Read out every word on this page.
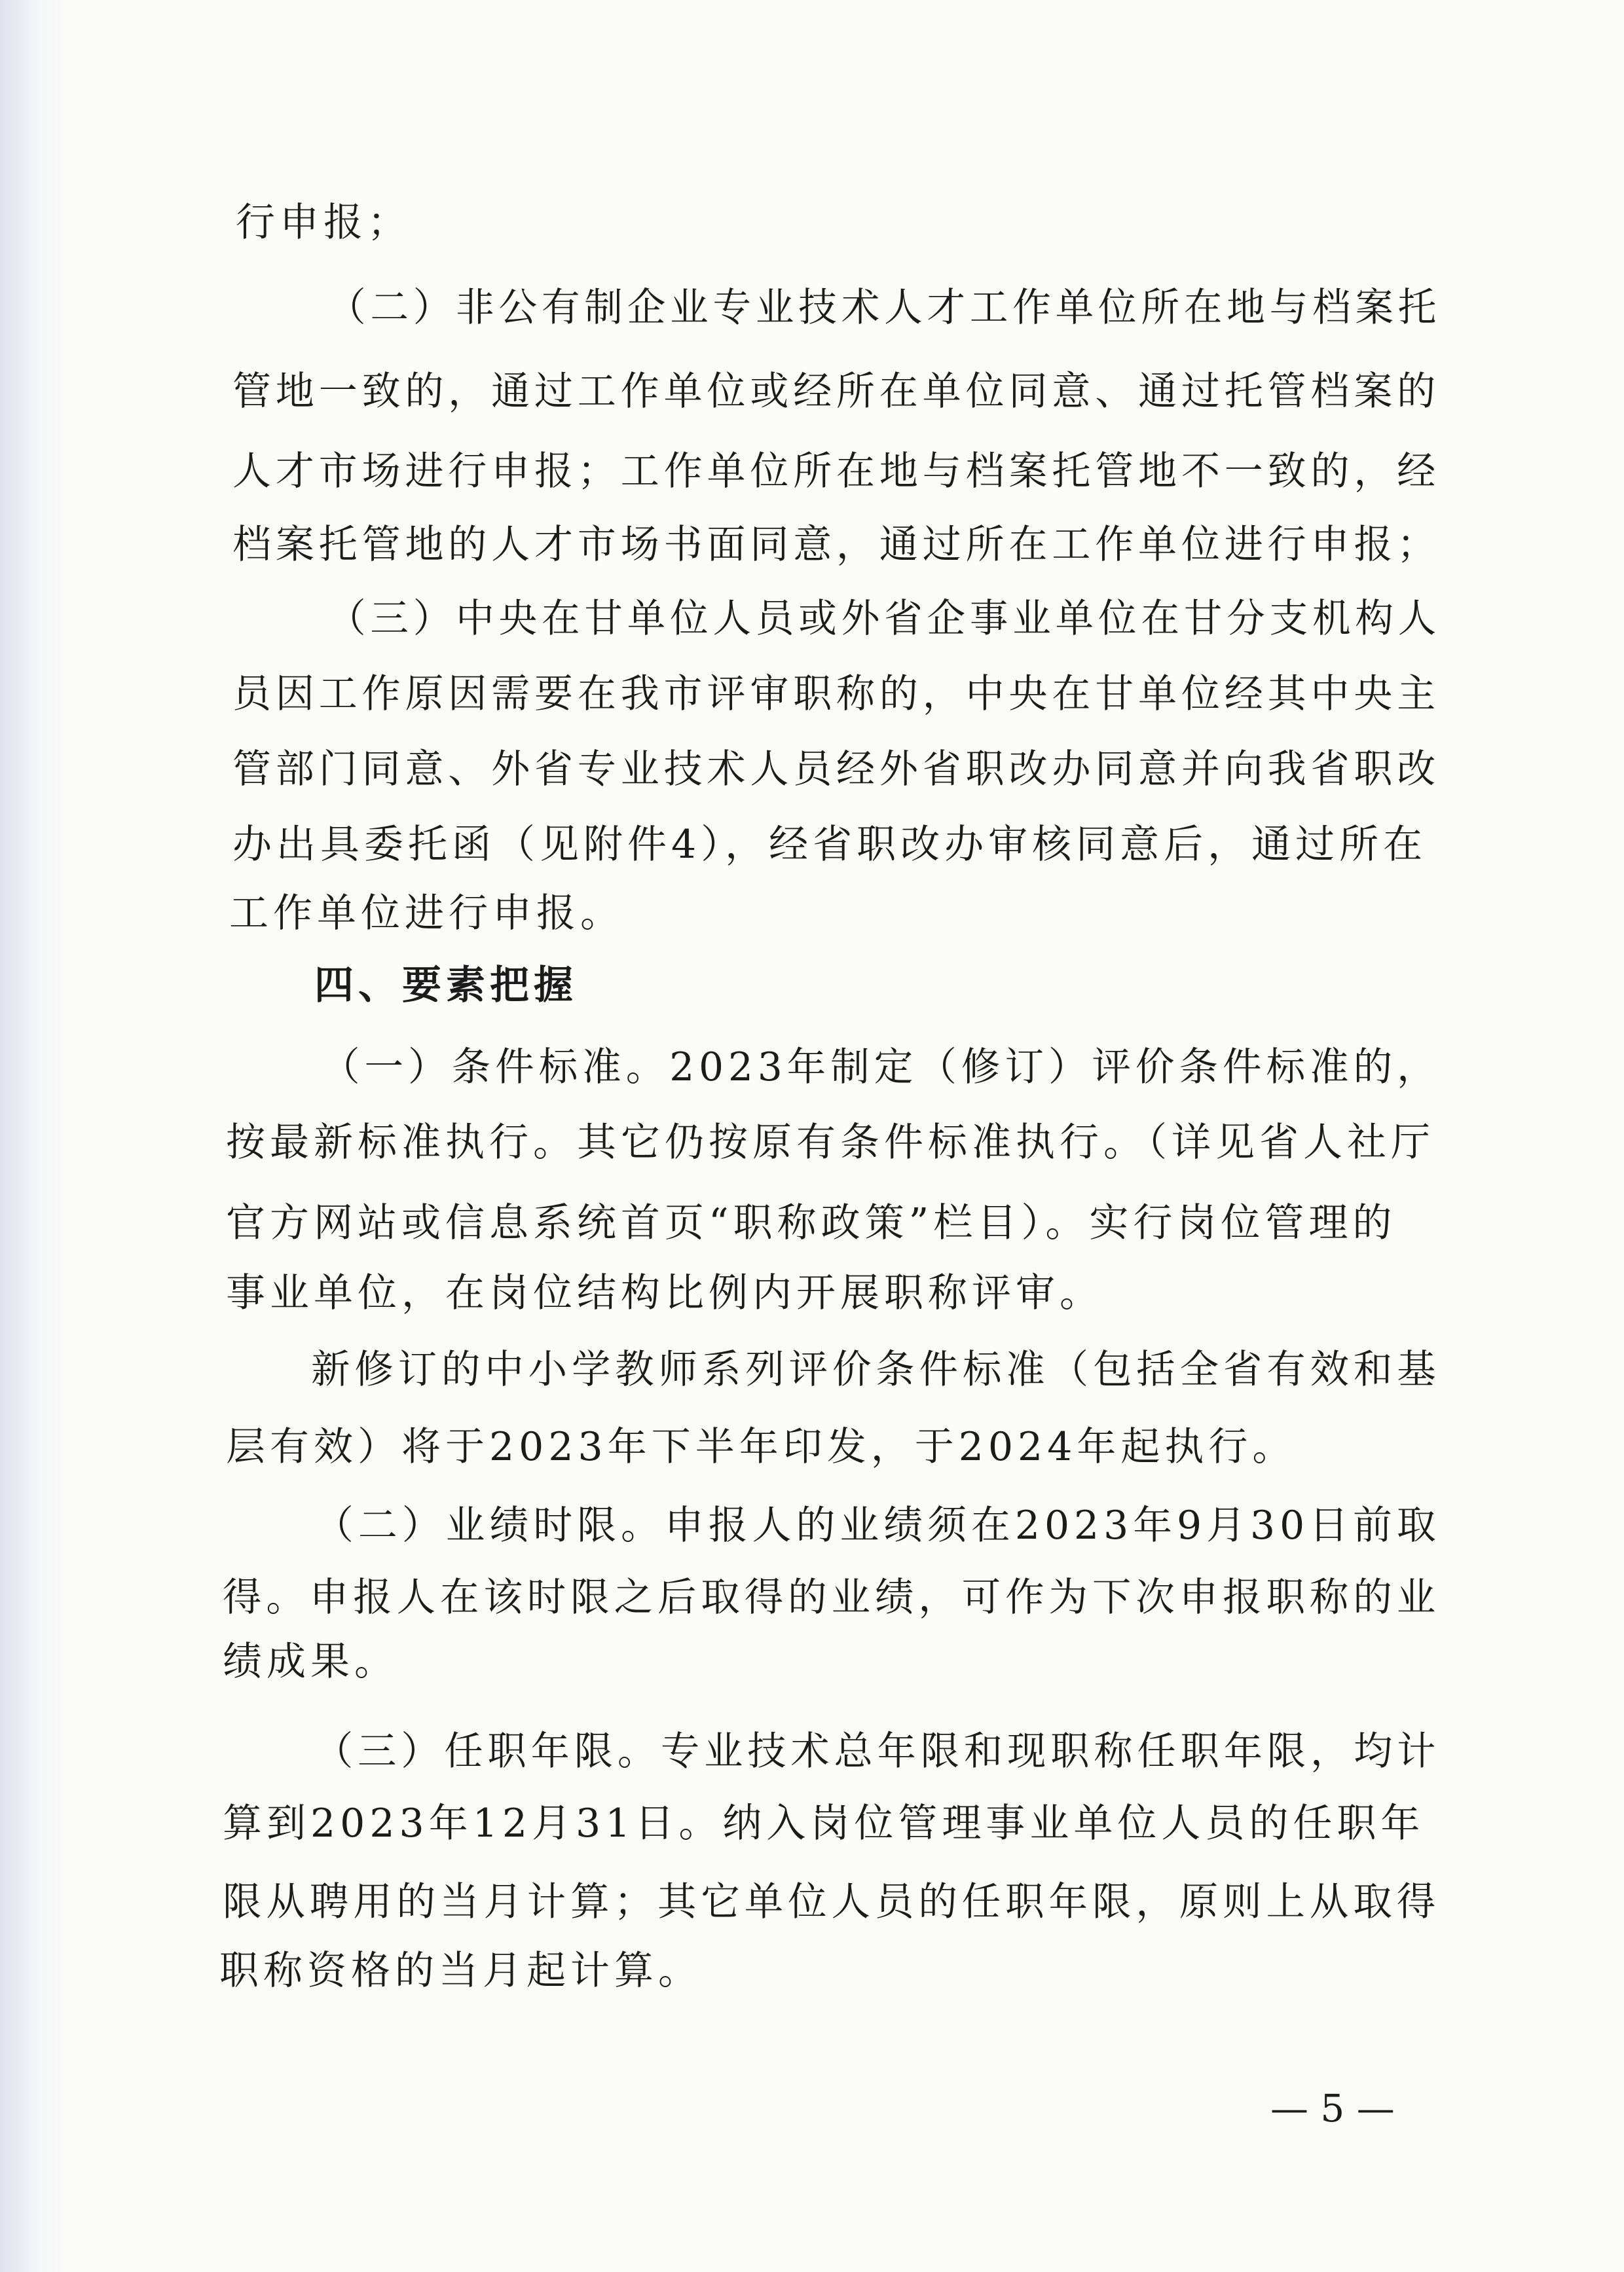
行申报；
（二）非公有制企业专业技术人才工作单位所在地与档案托
管地一致的，通过工作单位或经所在单位同意、通过托管档案的
人才市场进行申报；工作单位所在地与档案托管地不一致的，经
档案托管地的人才市场书面同意，通过所在工作单位进行申报；
（三）中央在甘单位人员或外省企事业单位在甘分支机构人
员因工作原因需要在我市评审职称的，中央在甘单位经其中央主
管部门同意、外省专业技术人员经外省职改办同意并向我省职改
办出具委托函（见附件4），经省职改办审核同意后，通过所在
工作单位进行申报。
四、要素把握
（一）条件标准。2023年制定（修订）评价条件标准的，
按最新标准执行。其它仍按原有条件标准执行。（详见省人社厅
官方网站或信息系统首页“职称政策”栏目）。实行岗位管理的
事业单位，在岗位结构比例内开展职称评审。
新修订的中小学教师系列评价条件标准（包括全省有效和基
层有效）将于2023年下半年印发，于2024年起执行。
（二）业绩时限。申报人的业绩须在2023年9月30日前取
得。申报人在该时限之后取得的业绩，可作为下次申报职称的业
绩成果。
（三）任职年限。专业技术总年限和现职称任职年限，均计
算到2023年12月31日。纳入岗位管理事业单位人员的任职年
限从聘用的当月计算；其它单位人员的任职年限，原则上从取得
职称资格的当月起计算。
— 5 —
